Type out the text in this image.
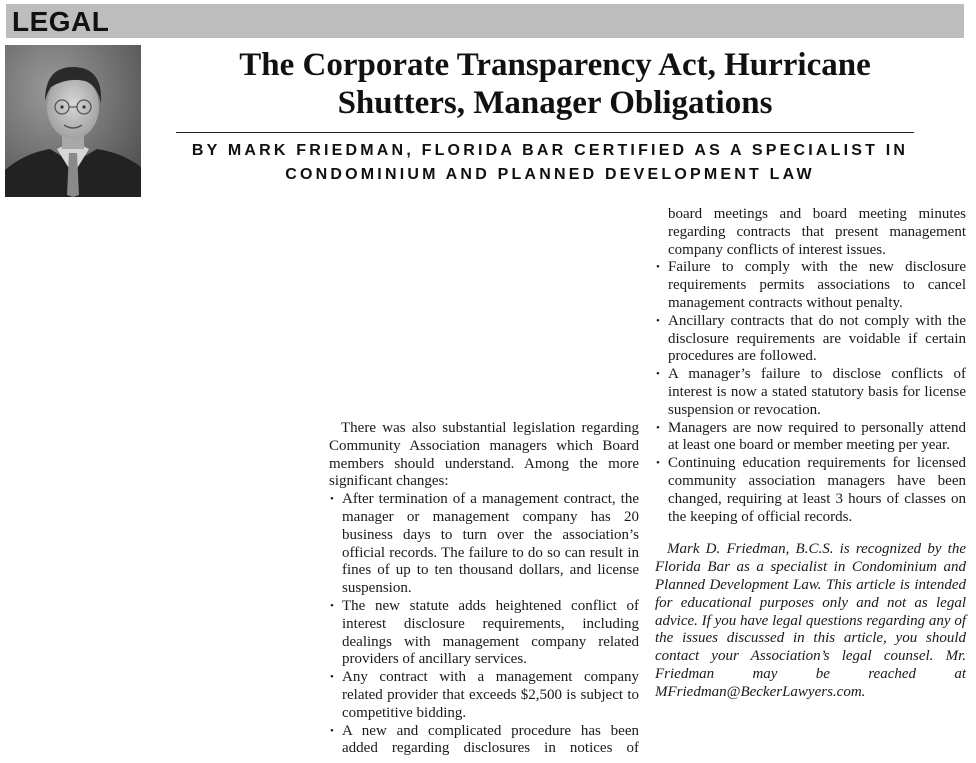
LEGAL
The Corporate Transparency Act, Hurricane
Shutters, Manager Obligations
BY MARK FRIEDMAN, FLORIDA BAR CERTIFIED AS A SPECIALIST IN
CONDOMINIUM AND PLANNED DEVELOPMENT LAW

There was also substantial legislation regarding Community Association managers which Board members should understand. Among the more significant changes:

• After termination of a management contract, the manager or management company has 20 business days to turn over the association’s official records. The failure to do so can result in fines of up to ten thousand dollars, and license suspension.
• The new statute adds heightened conflict of interest disclosure requirements, including dealings with management company related providers of ancillary services.
• Any contract with a management company related provider that exceeds $2,500 is subject to competitive bidding.
• A new and complicated procedure has been added regarding disclosures in notices of

board meetings and board meeting minutes regarding contracts that present management company conflicts of interest issues.

• Failure to comply with the new disclosure requirements permits associations to cancel management contracts without penalty.
• Ancillary contracts that do not comply with the disclosure requirements are voidable if certain procedures are followed.
• A manager’s failure to disclose conflicts of interest is now a stated statutory basis for license suspension or revocation.
• Managers are now required to personally attend at least one board or member meeting per year.
• Continuing education requirements for licensed community association managers have been changed, requiring at least 3 hours of classes on the keeping of official records.

Mark D. Friedman, B.C.S. is recognized by the Florida Bar as a specialist in Condominium and Planned Development Law. This article is intended for educational purposes only and not as legal advice. If you have legal questions regarding any of the issues discussed in this article, you should contact your Association’s legal counsel. Mr. Friedman may be reached at MFriedman@BeckerLawyers.com.
